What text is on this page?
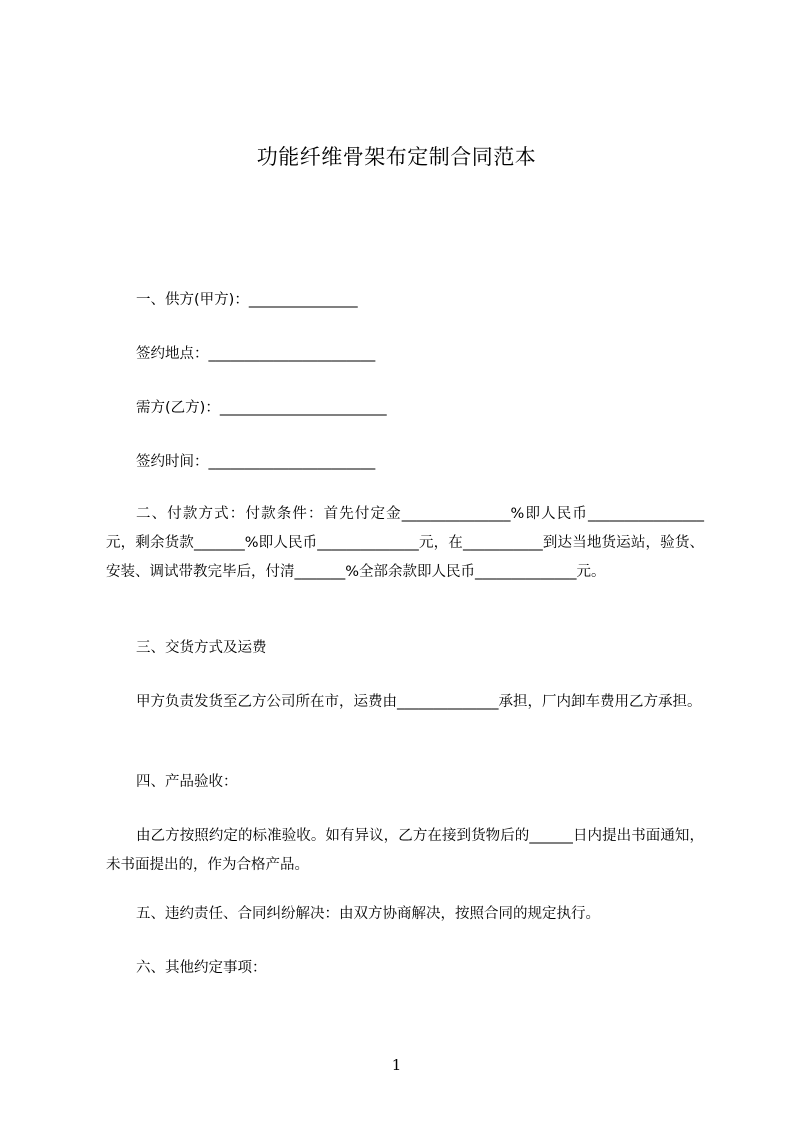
功能纤维骨架布定制合同范本
一、供方(甲方)：_______________
签约地点：_______________________
需方(乙方)：_______________________
签约时间：_______________________
二、付款方式：付款条件：首先付定金_______________%即人民币________________元，剩余货款_______%即人民币______________元，在___________到达当地货运站，验货、安装、调试带教完毕后，付清_______%全部余款即人民币______________元。
三、交货方式及运费
甲方负责发货至乙方公司所在市，运费由______________承担，厂内卸车费用乙方承担。
四、产品验收：
由乙方按照约定的标准验收。如有异议，乙方在接到货物后的______日内提出书面通知，未书面提出的，作为合格产品。
五、违约责任、合同纠纷解决：由双方协商解决，按照合同的规定执行。
六、其他约定事项：
1
